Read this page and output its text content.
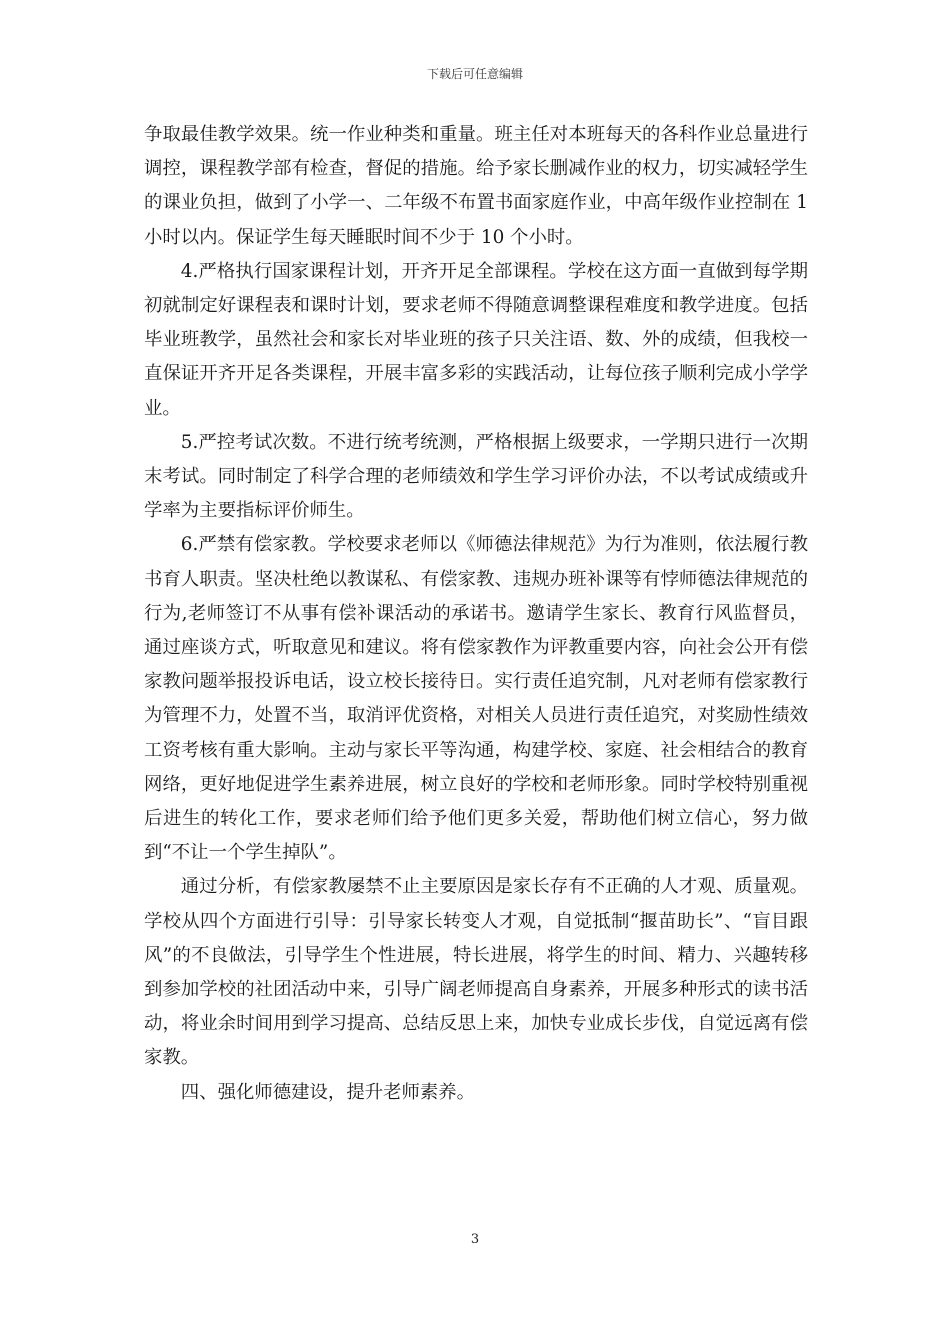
下载后可任意编辑

争取最佳教学效果。统一作业种类和重量。班主任对本班每天的各科作业总量进行调控，课程教学部有检查，督促的措施。给予家长删减作业的权力，切实减轻学生的课业负担，做到了小学一、二年级不布置书面家庭作业，中高年级作业控制在 1 小时以内。保证学生每天睡眠时间不少于 10 个小时。

4.严格执行国家课程计划，开齐开足全部课程。学校在这方面一直做到每学期初就制定好课程表和课时计划，要求老师不得随意调整课程难度和教学进度。包括毕业班教学，虽然社会和家长对毕业班的孩子只关注语、数、外的成绩，但我校一直保证开齐开足各类课程，开展丰富多彩的实践活动，让每位孩子顺利完成小学学业。

5.严控考试次数。不进行统考统测，严格根据上级要求，一学期只进行一次期末考试。同时制定了科学合理的老师绩效和学生学习评价办法，不以考试成绩或升学率为主要指标评价师生。

6.严禁有偿家教。学校要求老师以《师德法律规范》为行为准则，依法履行教书育人职责。坚决杜绝以教谋私、有偿家教、违规办班补课等有悖师德法律规范的行为,老师签订不从事有偿补课活动的承诺书。邀请学生家长、教育行风监督员，通过座谈方式，听取意见和建议。将有偿家教作为评教重要内容，向社会公开有偿家教问题举报投诉电话，设立校长接待日。实行责任追究制，凡对老师有偿家教行为管理不力，处置不当，取消评优资格，对相关人员进行责任追究，对奖励性绩效工资考核有重大影响。主动与家长平等沟通，构建学校、家庭、社会相结合的教育网络，更好地促进学生素养进展，树立良好的学校和老师形象。同时学校特别重视后进生的转化工作，要求老师们给予他们更多关爱，帮助他们树立信心，努力做到“不让一个学生掉队”。

通过分析，有偿家教屡禁不止主要原因是家长存有不正确的人才观、质量观。学校从四个方面进行引导：引导家长转变人才观，自觉抵制“揠苗助长”、“盲目跟风”的不良做法，引导学生个性进展，特长进展，将学生的时间、精力、兴趣转移到参加学校的社团活动中来，引导广阔老师提高自身素养，开展多种形式的读书活动，将业余时间用到学习提高、总结反思上来，加快专业成长步伐，自觉远离有偿家教。

四、强化师德建设，提升老师素养。

3
